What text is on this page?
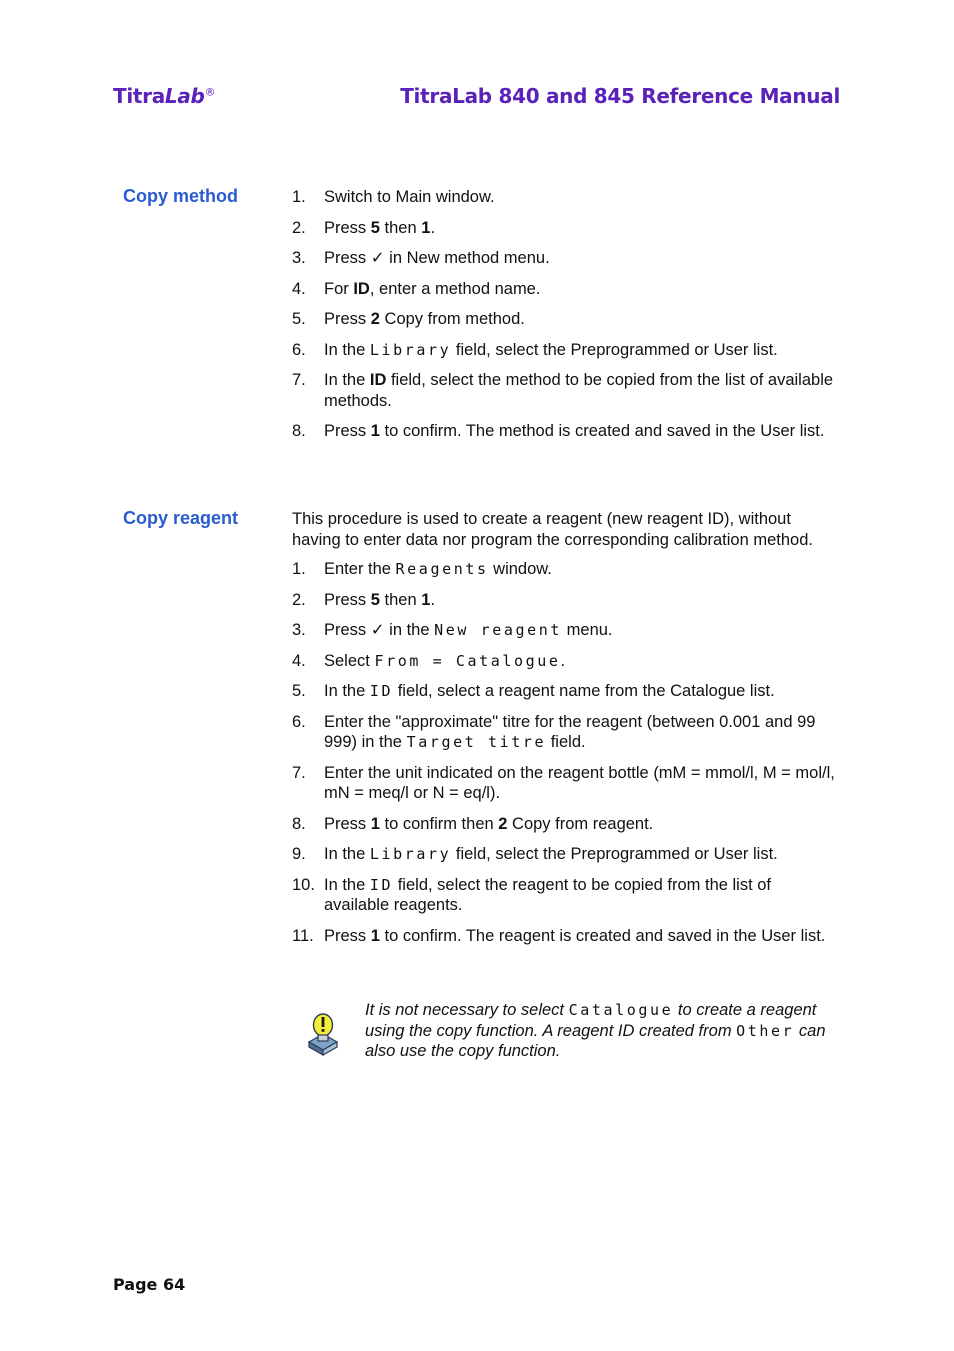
TitraLab®	TitraLab 840 and 845 Reference Manual
Copy method	1. Switch to Main window.
2. Press 5 then 1.
3. Press ✓ in New method menu.
4. For ID, enter a method name.
5. Press 2 Copy from method.
6. In the Library field, select the Preprogrammed or User list.
7. In the ID field, select the method to be copied from the list of available methods.
8. Press 1 to confirm. The method is created and saved in the User list.
Copy reagent	This procedure is used to create a reagent (new reagent ID), without having to enter data nor program the corresponding calibration method.

1. Enter the Reagents window.
2. Press 5 then 1.
3. Press ✓ in the New reagent menu.
4. Select From = Catalogue.
5. In the ID field, select a reagent name from the Catalogue list.
6. Enter the "approximate" titre for the reagent (between 0.001 and 99 999) in the Target titre field.
7. Enter the unit indicated on the reagent bottle (mM = mmol/l, M = mol/l, mN = meq/l or N = eq/l).
8. Press 1 to confirm then 2 Copy from reagent.
9. In the Library field, select the Preprogrammed or User list.
10. In the ID field, select the reagent to be copied from the list of available reagents.
11. Press 1 to confirm. The reagent is created and saved in the User list.
It is not necessary to select Catalogue to create a reagent using the copy function. A reagent ID created from Other can also use the copy function.
Page 64
